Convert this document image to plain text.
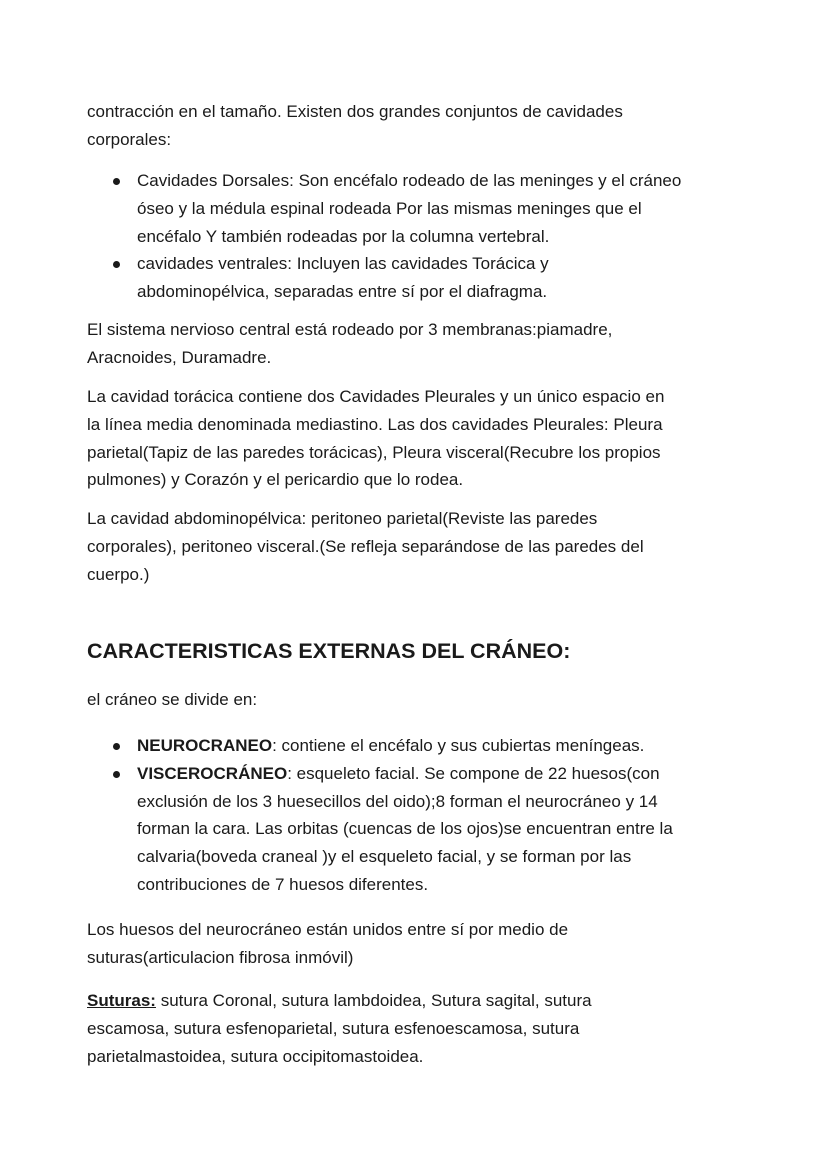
contracción en el tamaño. Existen dos grandes conjuntos de cavidades
corporales:
Cavidades Dorsales: Son encéfalo rodeado de las meninges y el cráneo
óseo y la médula espinal rodeada Por las mismas meninges que el
encéfalo Y también rodeadas por la columna vertebral.
cavidades ventrales: Incluyen las cavidades Torácica y
abdominopélvica, separadas entre sí por el diafragma.
El sistema nervioso central está rodeado por 3 membranas:piamadre,
Aracnoides, Duramadre.
La cavidad torácica contiene dos Cavidades Pleurales y un único espacio en
la línea media denominada mediastino. Las dos cavidades Pleurales: Pleura
parietal(Tapiz de las paredes torácicas), Pleura visceral(Recubre los propios
pulmones) y Corazón y el pericardio que lo rodea.
La cavidad abdominopélvica: peritoneo parietal(Reviste las paredes
corporales), peritoneo visceral.(Se refleja separándose de las paredes del
cuerpo.)
CARACTERISTICAS EXTERNAS DEL CRÁNEO:
el cráneo se divide en:
NEUROCRANEO: contiene el encéfalo y sus cubiertas meníngeas.
VISCEROCRÁNEO: esqueleto facial. Se compone de 22 huesos(con
exclusión de los 3 huesecillos del oido);8 forman el neurocráneo y 14
forman la cara. Las orbitas (cuencas de los ojos)se encuentran entre la
calvaria(boveda craneal )y el esqueleto facial, y se forman por las
contribuciones de 7 huesos diferentes.
Los huesos del neurocráneo están unidos entre sí por medio de
suturas(articulacion fibrosa inmóvil)
Suturas: sutura Coronal, sutura lambdoidea, Sutura sagital, sutura
escamosa, sutura esfenoparietal, sutura esfenoescamosa, sutura
parietalmastoidea, sutura occipitomastoidea.
